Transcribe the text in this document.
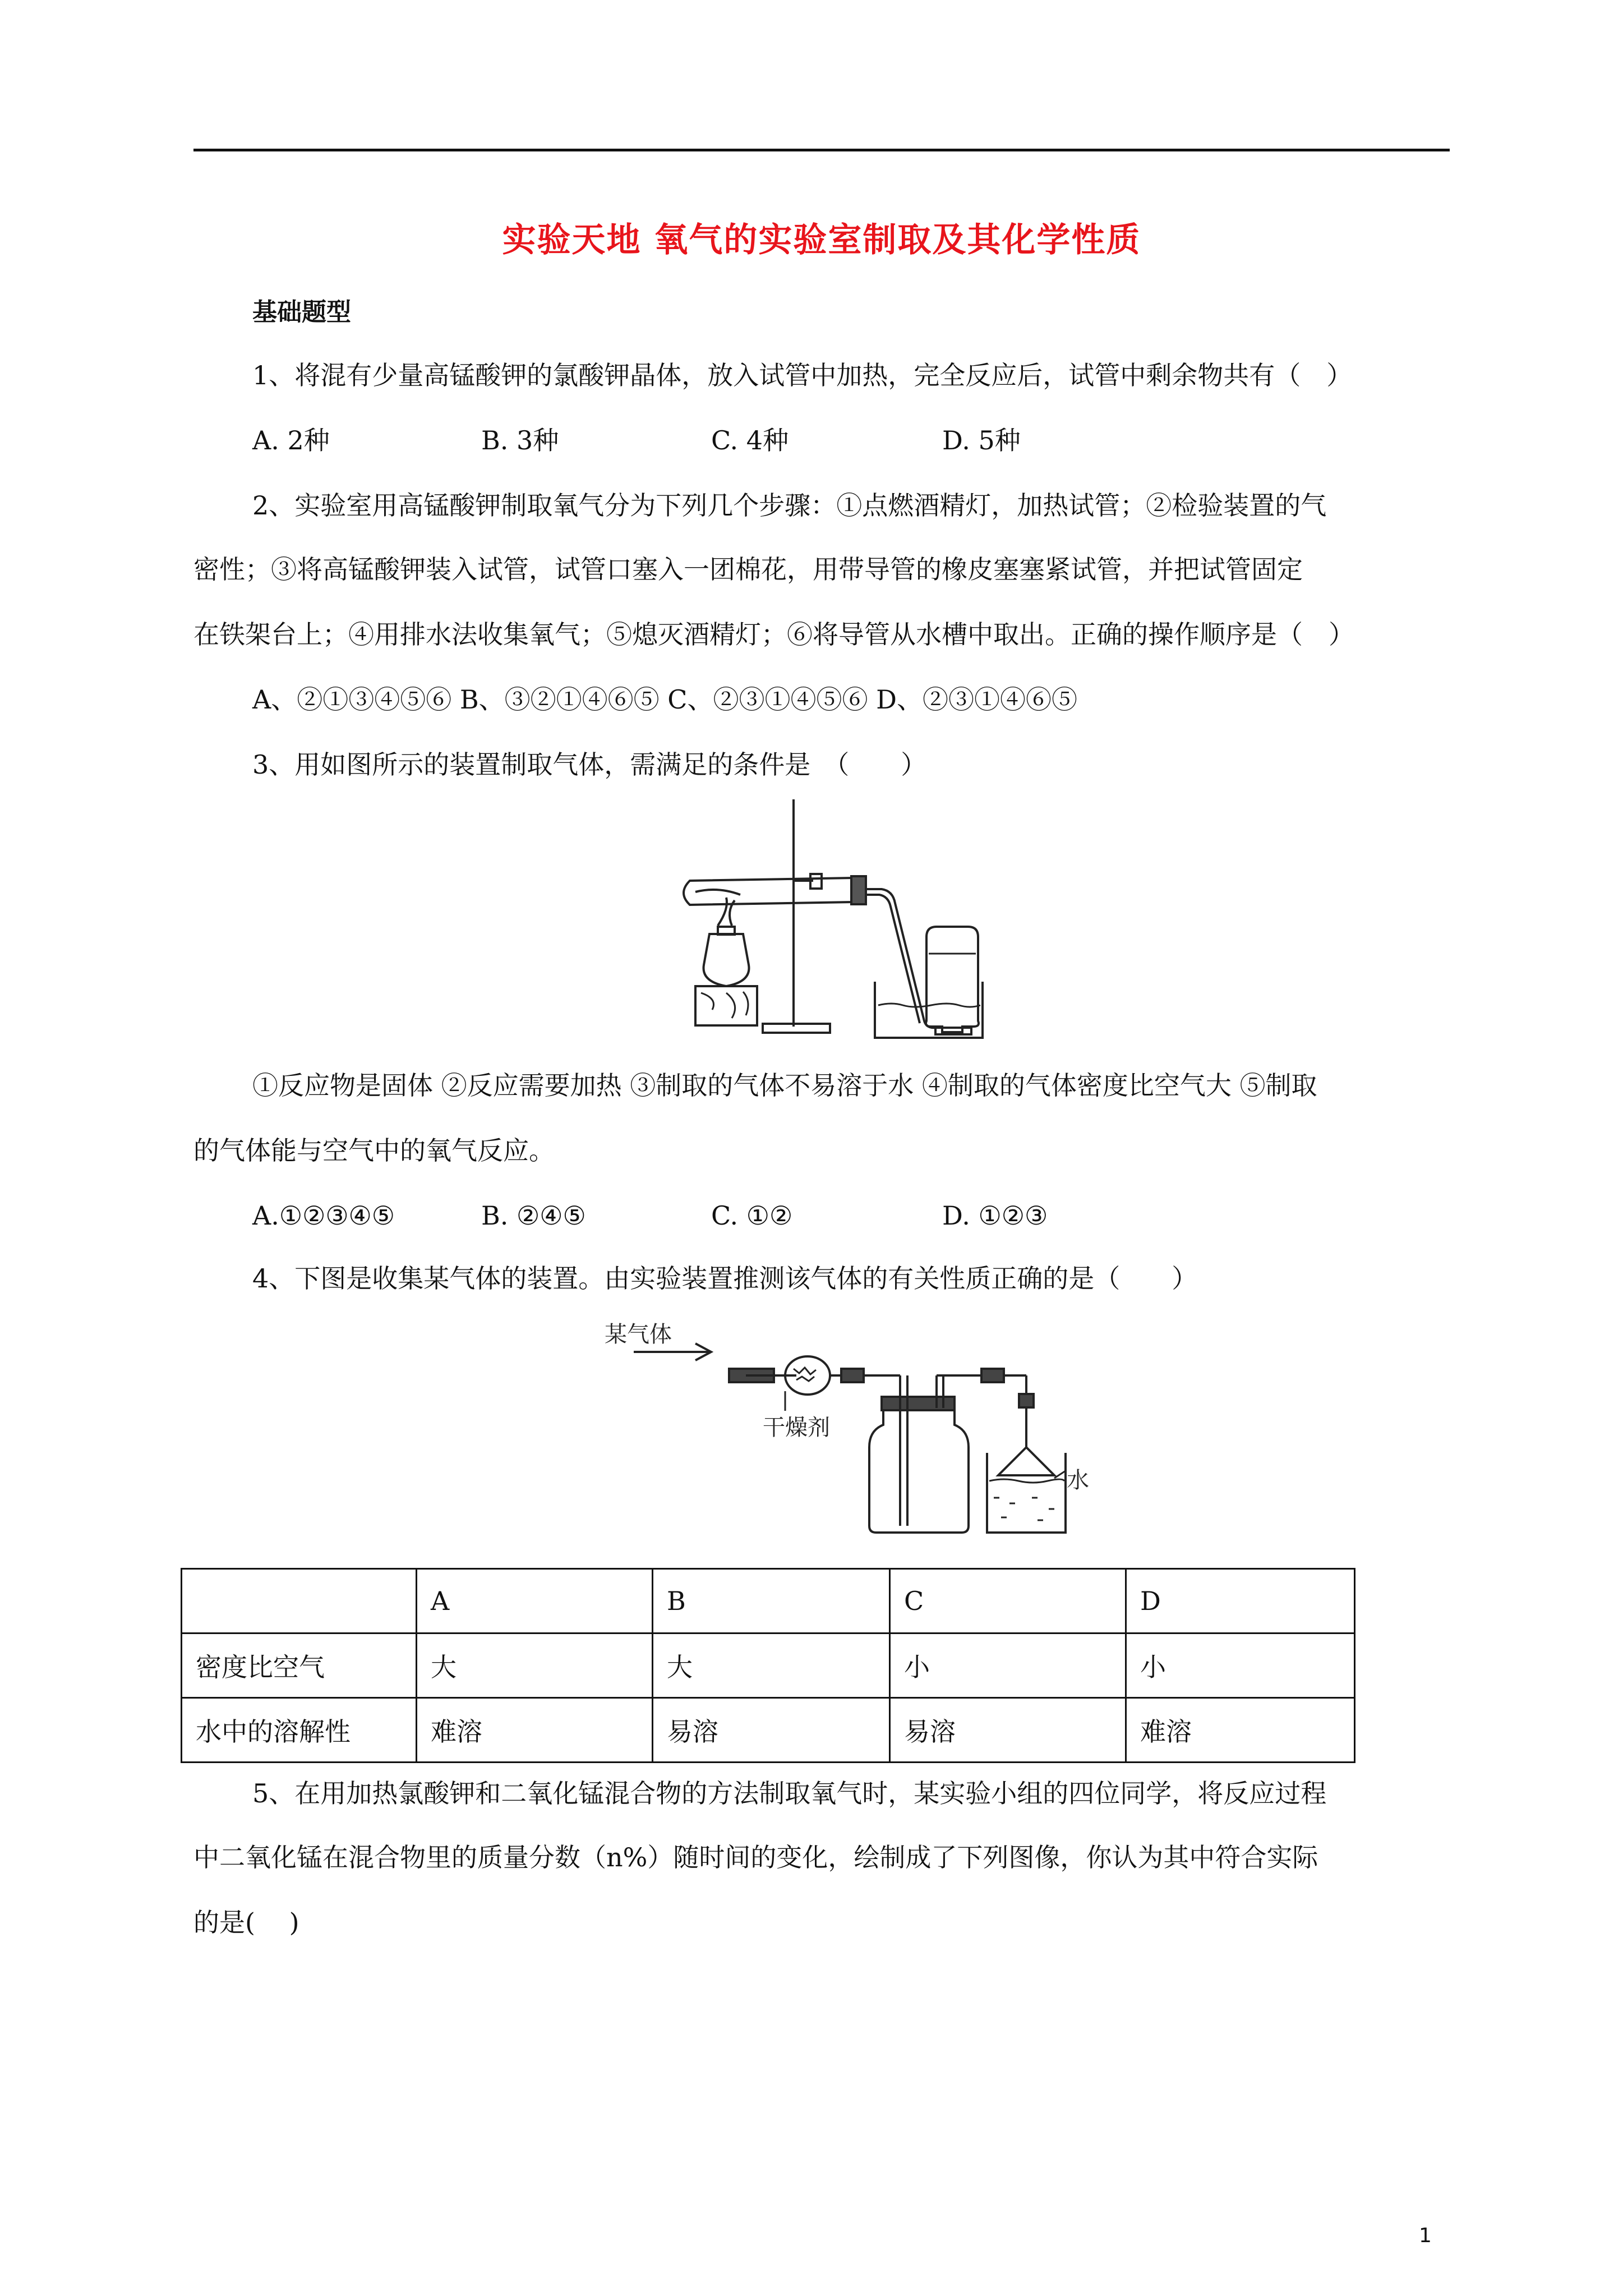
实验天地 氧气的实验室制取及其化学性质
基础题型
1、将混有少量高锰酸钾的氯酸钾晶体，放入试管中加热，完全反应后，试管中剩余物共有（　）
A. 2种	B. 3种	C. 4种	D. 5种
2、实验室用高锰酸钾制取氧气分为下列几个步骤：①点燃酒精灯，加热试管；②检验装置的气
密性；③将高锰酸钾装入试管，试管口塞入一团棉花，用带导管的橡皮塞塞紧试管，并把试管固定
在铁架台上；④用排水法收集氧气；⑤熄灭酒精灯；⑥将导管从水槽中取出。正确的操作顺序是（　）
A、②①③④⑤⑥ B、③②①④⑥⑤ C、②③①④⑤⑥ D、②③①④⑥⑤
3、用如图所示的装置制取气体，需满足的条件是　（　　）
①反应物是固体 ②反应需要加热 ③制取的气体不易溶于水 ④制取的气体密度比空气大 ⑤制取
的气体能与空气中的氧气反应。
A.①②③④⑤	B. ②④⑤	C. ①②	D. ①②③
4、下图是收集某气体的装置。由实验装置推测该气体的有关性质正确的是（　　）
某气体
干燥剂
水
	A	B	C	D
密度比空气	大	大	小	小
水中的溶解性	难溶	易溶	易溶	难溶
5、在用加热氯酸钾和二氧化锰混合物的方法制取氧气时，某实验小组的四位同学，将反应过程
中二氧化锰在混合物里的质量分数（n%）随时间的变化，绘制成了下列图像，你认为其中符合实际
的是(　 )
1
